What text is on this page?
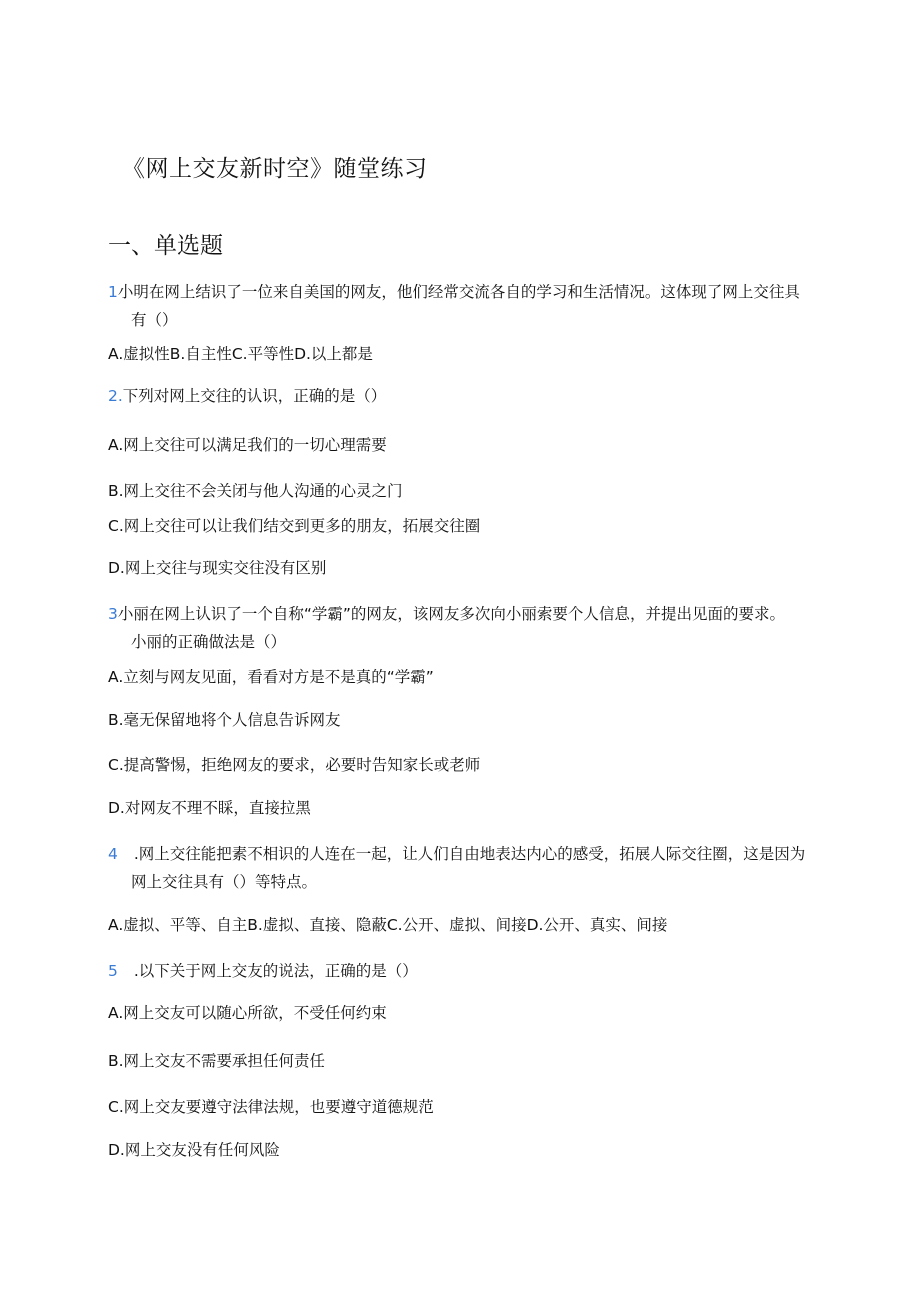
《网上交友新时空》随堂练习
一、单选题
1小明在网上结识了一位来自美国的网友，他们经常交流各自的学习和生活情况。这体现了网上交往具
有（）
A.虚拟性B.自主性C.平等性D.以上都是
2.下列对网上交往的认识，正确的是（）
A.网上交往可以满足我们的一切心理需要
B.网上交往不会关闭与他人沟通的心灵之门
C.网上交往可以让我们结交到更多的朋友，拓展交往圈
D.网上交往与现实交往没有区别
3小丽在网上认识了一个自称“学霸”的网友，该网友多次向小丽索要个人信息，并提出见面的要求。
小丽的正确做法是（）
A.立刻与网友见面，看看对方是不是真的“学霸”
B.毫无保留地将个人信息告诉网友
C.提高警惕，拒绝网友的要求，必要时告知家长或老师
D.对网友不理不睬，直接拉黑
4 .网上交往能把素不相识的人连在一起，让人们自由地表达内心的感受，拓展人际交往圈，这是因为
网上交往具有（）等特点。
A.虚拟、平等、自主B.虚拟、直接、隐蔽C.公开、虚拟、间接D.公开、真实、间接
5 .以下关于网上交友的说法，正确的是（）
A.网上交友可以随心所欲，不受任何约束
B.网上交友不需要承担任何责任
C.网上交友要遵守法律法规，也要遵守道德规范
D.网上交友没有任何风险
